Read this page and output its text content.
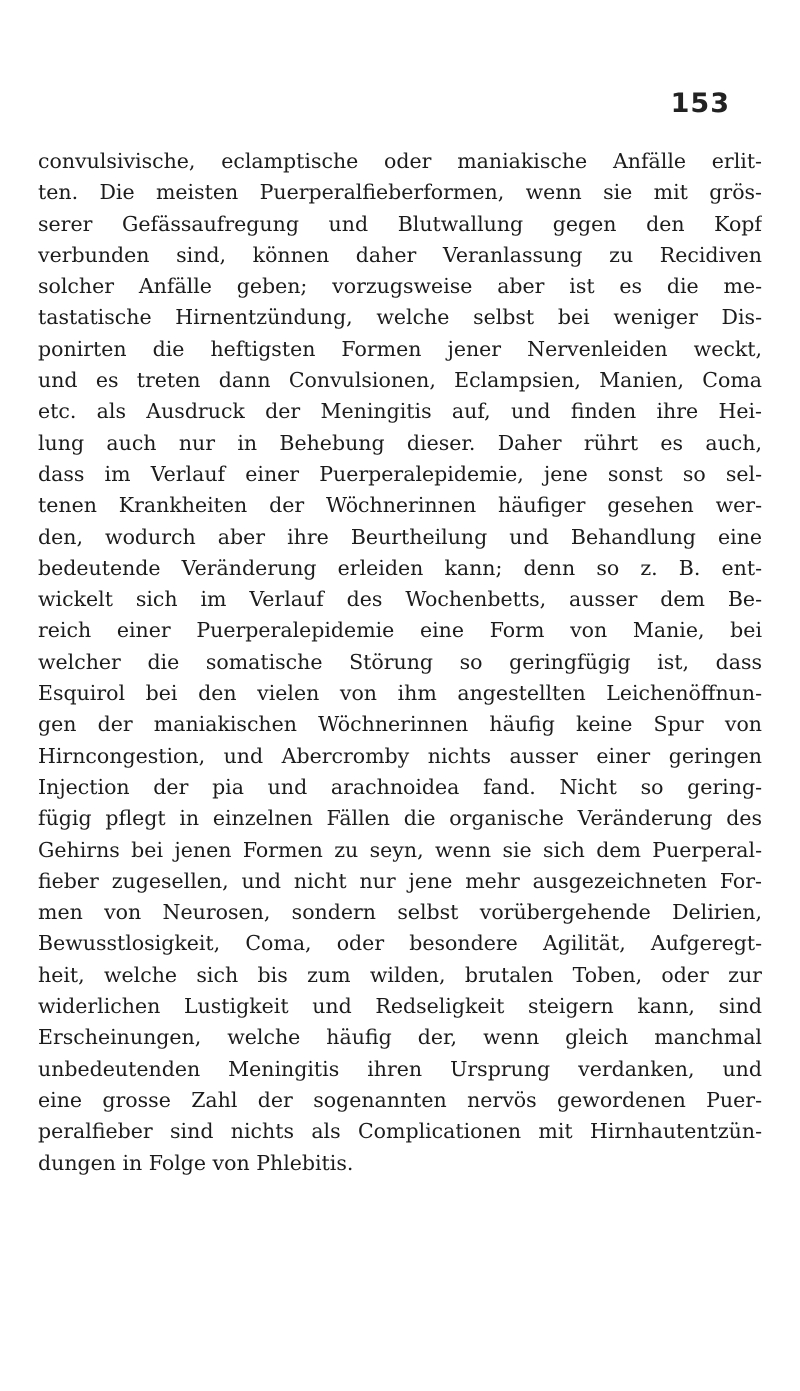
153
convulsivische, eclamptische oder maniakische Anfälle erlit-
ten. Die meisten Puerperalfieberformen, wenn sie mit grös-
serer Gefässaufregung und Blutwallung gegen den Kopf
verbunden sind, können daher Veranlassung zu Recidiven
solcher Anfälle geben; vorzugsweise aber ist es die me-
tastatische Hirnentzündung, welche selbst bei weniger Dis-
ponirten die heftigsten Formen jener Nervenleiden weckt,
und es treten dann Convulsionen, Eclampsien, Manien, Coma
etc. als Ausdruck der Meningitis auf, und finden ihre Hei-
lung auch nur in Behebung dieser. Daher rührt es auch,
dass im Verlauf einer Puerperalepidemie, jene sonst so sel-
tenen Krankheiten der Wöchnerinnen häufiger gesehen wer-
den, wodurch aber ihre Beurtheilung und Behandlung eine
bedeutende Veränderung erleiden kann; denn so z. B. ent-
wickelt sich im Verlauf des Wochenbetts, ausser dem Be-
reich einer Puerperalepidemie eine Form von Manie, bei
welcher die somatische Störung so geringfügig ist, dass
Esquirol bei den vielen von ihm angestellten Leichenöffnun-
gen der maniakischen Wöchnerinnen häufig keine Spur von
Hirncongestion, und Abercromby nichts ausser einer geringen
Injection der pia und arachnoidea fand. Nicht so gering-
fügig pflegt in einzelnen Fällen die organische Veränderung des
Gehirns bei jenen Formen zu seyn, wenn sie sich dem Puerperal-
fieber zugesellen, und nicht nur jene mehr ausgezeichneten For-
men von Neurosen, sondern selbst vorübergehende Delirien,
Bewusstlosigkeit, Coma, oder besondere Agilität, Aufgeregt-
heit, welche sich bis zum wilden, brutalen Toben, oder zur
widerlichen Lustigkeit und Redseligkeit steigern kann, sind
Erscheinungen, welche häufig der, wenn gleich manchmal
unbedeutenden Meningitis ihren Ursprung verdanken, und
eine grosse Zahl der sogenannten nervös gewordenen Puer-
peralfieber sind nichts als Complicationen mit Hirnhautentzün-
dungen in Folge von Phlebitis.
